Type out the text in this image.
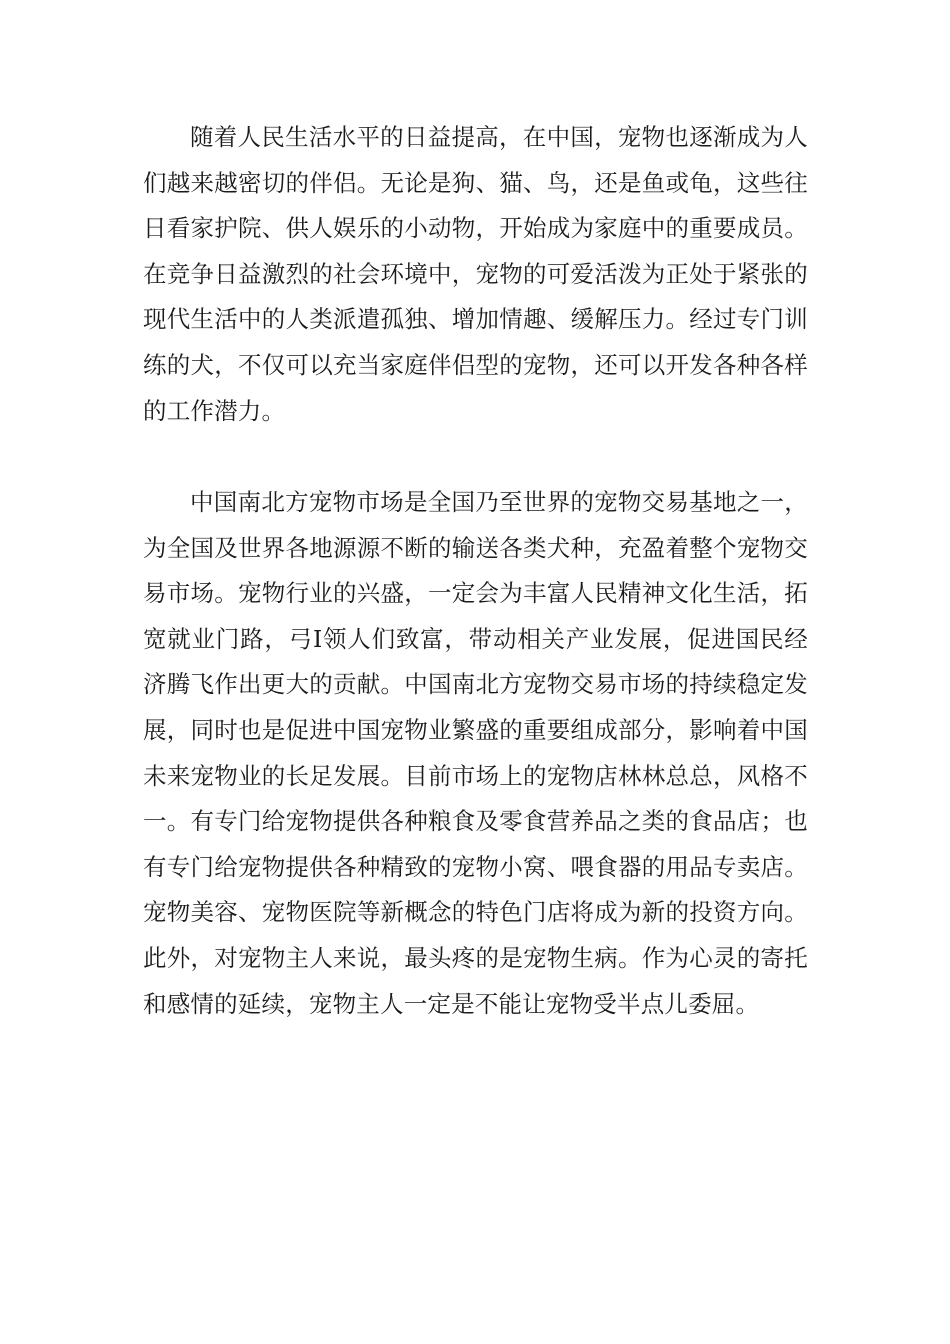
随着人民生活水平的日益提高，在中国，宠物也逐渐成为人们越来越密切的伴侣。无论是狗、猫、鸟，还是鱼或龟，这些往日看家护院、供人娱乐的小动物，开始成为家庭中的重要成员。在竞争日益激烈的社会环境中，宠物的可爱活泼为正处于紧张的现代生活中的人类派遣孤独、增加情趣、缓解压力。经过专门训练的犬，不仅可以充当家庭伴侣型的宠物，还可以开发各种各样的工作潜力。

中国南北方宠物市场是全国乃至世界的宠物交易基地之一，为全国及世界各地源源不断的输送各类犬种，充盈着整个宠物交易市场。宠物行业的兴盛，一定会为丰富人民精神文化生活，拓宽就业门路，弓I领人们致富，带动相关产业发展，促进国民经济腾飞作出更大的贡献。中国南北方宠物交易市场的持续稳定发展，同时也是促进中国宠物业繁盛的重要组成部分，影响着中国未来宠物业的长足发展。目前市场上的宠物店林林总总，风格不一。有专门给宠物提供各种粮食及零食营养品之类的食品店；也有专门给宠物提供各种精致的宠物小窝、喂食器的用品专卖店。宠物美容、宠物医院等新概念的特色门店将成为新的投资方向。此外，对宠物主人来说，最头疼的是宠物生病。作为心灵的寄托和感情的延续，宠物主人一定是不能让宠物受半点儿委屈。
